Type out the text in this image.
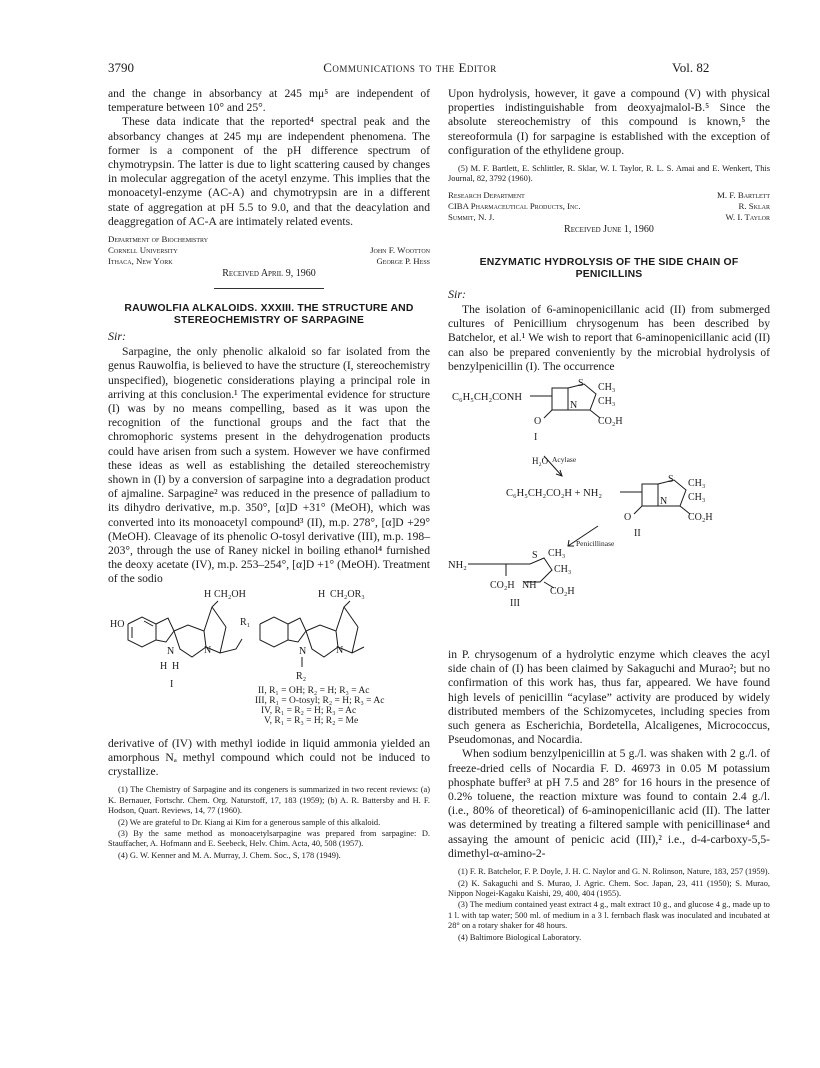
3790	Communications to the Editor	Vol. 82

and the change in absorbancy at 245 mμ⁵ are independent of temperature between 10° and 25°.

These data indicate that the reported⁴ spectral peak and the absorbancy changes at 245 mμ are independent phenomena. The former is a component of the pH difference spectrum of chymotrypsin. The latter is due to light scattering caused by changes in molecular aggregation of the acetyl enzyme. This implies that the monoacetyl-enzyme (AC-A) and chymotrypsin are in a different state of aggregation at pH 5.5 to 9.0, and that the deacylation and deaggregation of AC-A are intimately related events.

Department of Biochemistry
Cornell University	John F. Wootton
Ithaca, New York	George P. Hess
Received April 9, 1960
RAUWOLFIA ALKALOIDS. XXXIII. THE STRUCTURE AND STEREOCHEMISTRY OF SARPAGINE
Sir:

Sarpagine, the only phenolic alkaloid so far isolated from the genus Rauwolfia, is believed to have the structure (I, stereochemistry unspecified), biogenetic considerations playing a principal role in arriving at this conclusion.¹ The experimental evidence for structure (I) was by no means compelling, based as it was upon the recognition of the functional groups and the fact that the chromophoric systems present in the dehydrogenation products could have arisen from such a system. However we have confirmed these ideas as well as establishing the detailed stereochemistry shown in (I) by a conversion of sarpagine into a degradation product of ajmaline. Sarpagine² was reduced in the presence of palladium to its dihydro derivative, m.p. 350°, [α]D +31° (MeOH), which was converted into its monoacetyl compound³ (II), m.p. 278°, [α]D +29° (MeOH). Cleavage of its phenolic O-tosyl derivative (III), m.p. 198–203°, through the use of Raney nickel in boiling ethanol⁴ furnished the deoxy acetate (IV), m.p. 253–254°, [α]D +1° (MeOH). Treatment of the sodio

H CH₂OH
HO
N	N
H H
I
H CH₂OR₃
R₁
N	N
R₂
II, R₁ = OH; R₂ = H; R₃ = Ac
III, R₁ = O-tosyl; R₂ = H; R₃ = Ac
IV, R₁ = R₂ = H; R₃ = Ac
V, R₁ = R₃ = H; R₂ = Me

derivative of (IV) with methyl iodide in liquid ammonia yielded an amorphous Nₐ methyl compound which could not be induced to crystallize.

(1) The Chemistry of Sarpagine and its congeners is summarized in two recent reviews: (a) K. Bernauer, Fortschr. Chem. Org. Naturstoff, 17, 183 (1959); (b) A. R. Battersby and H. F. Hodson, Quart. Reviews, 14, 77 (1960).

(2) We are grateful to Dr. Kiang ai Kim for a generous sample of this alkaloid.

(3) By the same method as monoacetylsarpagine was prepared from sarpagine: D. Stauffacher, A. Hofmann and E. Seebeck, Helv. Chim. Acta, 40, 508 (1957).

(4) G. W. Kenner and M. A. Murray, J. Chem. Soc., S, 178 (1949).

Upon hydrolysis, however, it gave a compound (V) with physical properties indistinguishable from deoxyajmalol-B.⁵ Since the absolute stereochemistry of this compound is known,⁵ the stereoformula (I) for sarpagine is established with the exception of configuration of the ethylidene group.

(5) M. F. Bartlett, E. Schlittler, R. Sklar, W. I. Taylor, R. L. S. Amai and E. Wenkert, This Journal, 82, 3792 (1960).

Research Department	M. F. Bartlett
CIBA Pharmaceutical Products, Inc.	R. Sklar
Summit, N. J.	W. I. Taylor
Received June 1, 1960
ENZYMATIC HYDROLYSIS OF THE SIDE CHAIN OF PENICILLINS
Sir:

The isolation of 6-aminopenicillanic acid (II) from submerged cultures of Penicillium chrysogenum has been described by Batchelor, et al.¹ We wish to report that 6-aminopenicillanic acid (II) can also be prepared conveniently by the microbial hydrolysis of benzylpenicillin (I). The occurrence

C₆H₅CH₂CONH
S CH₃
CH₃
N
CO₂H
O
I
H₂O Acylase
C₆H₅CH₂CO₂H + NH₂
S CH₃
CH₃
N
CO₂H
O
II
Penicillinase
NH₂
S CH₃
CH₃
CO₂H NH
CO₂H
III

in P. chrysogenum of a hydrolytic enzyme which cleaves the acyl side chain of (I) has been claimed by Sakaguchi and Murao²; but no confirmation of this work has, thus far, appeared. We have found high levels of penicillin “acylase” activity are produced by widely distributed members of the Schizomycetes, including species from such genera as Escherichia, Bordetella, Alcaligenes, Micrococcus, Pseudomonas, and Nocardia.

When sodium benzylpenicillin at 5 g./l. was shaken with 2 g./l. of freeze-dried cells of Nocardia F. D. 46973 in 0.05 M potassium phosphate buffer³ at pH 7.5 and 28° for 16 hours in the presence of 0.2% toluene, the reaction mixture was found to contain 2.4 g./l. (i.e., 80% of theoretical) of 6-aminopenicillanic acid (II). The latter was determined by treating a filtered sample with penicillinase⁴ and assaying the amount of penicic acid (III),² i.e., d-4-carboxy-5,5-dimethyl-α-amino-2-

(1) F. R. Batchelor, F. P. Doyle, J. H. C. Naylor and G. N. Rolinson, Nature, 183, 257 (1959).

(2) K. Sakaguchi and S. Murao, J. Agric. Chem. Soc. Japan, 23, 411 (1950); S. Murao, Nippon Nogei-Kagaku Kaishi, 29, 400, 404 (1955).

(3) The medium contained yeast extract 4 g., malt extract 10 g., and glucose 4 g., made up to 1 l. with tap water; 500 ml. of medium in a 3 l. fernbach flask was inoculated and incubated at 28° on a rotary shaker for 48 hours.

(4) Baltimore Biological Laboratory.
